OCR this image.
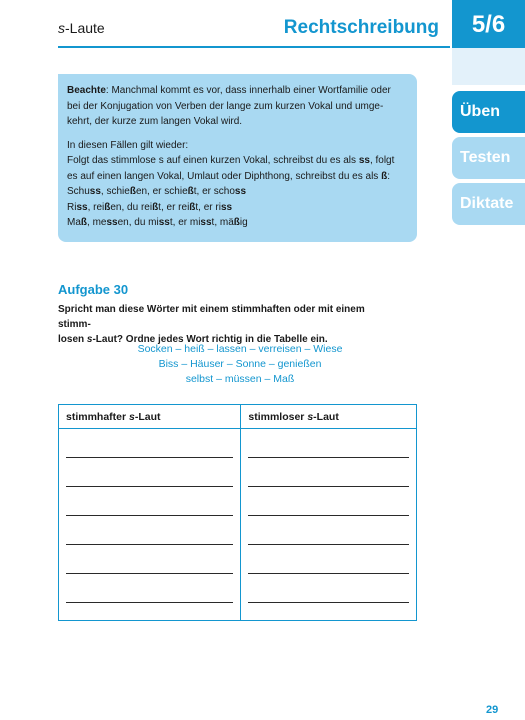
s-Laute	Rechtschreibung	5/6
Üben
Testen
Diktate

Beachte: Manchmal kommt es vor, dass innerhalb einer Wortfamilie oder
bei der Konjugation von Verben der lange zum kurzen Vokal und umge-
kehrt, der kurze zum langen Vokal wird.

In diesen Fällen gilt wieder:
Folgt das stimmlose s auf einen kurzen Vokal, schreibst du es als ss, folgt
es auf einen langen Vokal, Umlaut oder Diphthong, schreibst du es als ß:
Schuss, schießen, er schießt, er schoss
Riss, reißen, du reißt, er reißt, er riss
Maß, messen, du misst, er misst, mäßig
Aufgabe 30
Spricht man diese Wörter mit einem stimmhaften oder mit einem stimm-
losen s-Laut? Ordne jedes Wort richtig in die Tabelle ein.
Socken – heiß – lassen – verreisen – Wiese
Biss – Häuser – Sonne – genießen
selbst – müssen – Maß
stimmhafter s-Laut	stimmloser s-Laut

29
